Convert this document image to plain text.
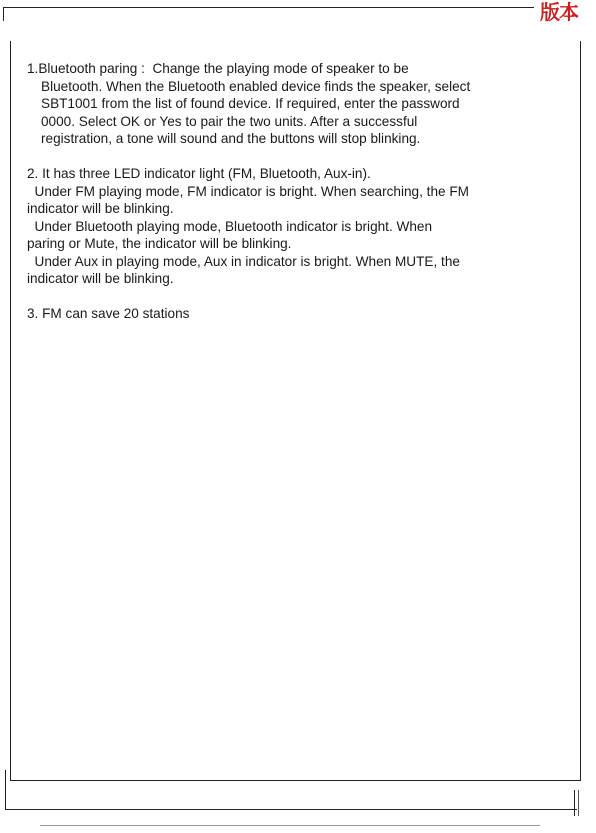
版本
1.Bluetooth paring :  Change the playing mode of speaker to be
Bluetooth. When the Bluetooth enabled device finds the speaker, select
SBT1001 from the list of found device. If required, enter the password
0000. Select OK or Yes to pair the two units. After a successful
registration, a tone will sound and the buttons will stop blinking.
2. It has three LED indicator light (FM, Bluetooth, Aux-in).
Under FM playing mode, FM indicator is bright. When searching, the FM
indicator will be blinking.
Under Bluetooth playing mode, Bluetooth indicator is bright. When
paring or Mute, the indicator will be blinking.
Under Aux in playing mode, Aux in indicator is bright. When MUTE, the
indicator will be blinking.
3. FM can save 20 stations
